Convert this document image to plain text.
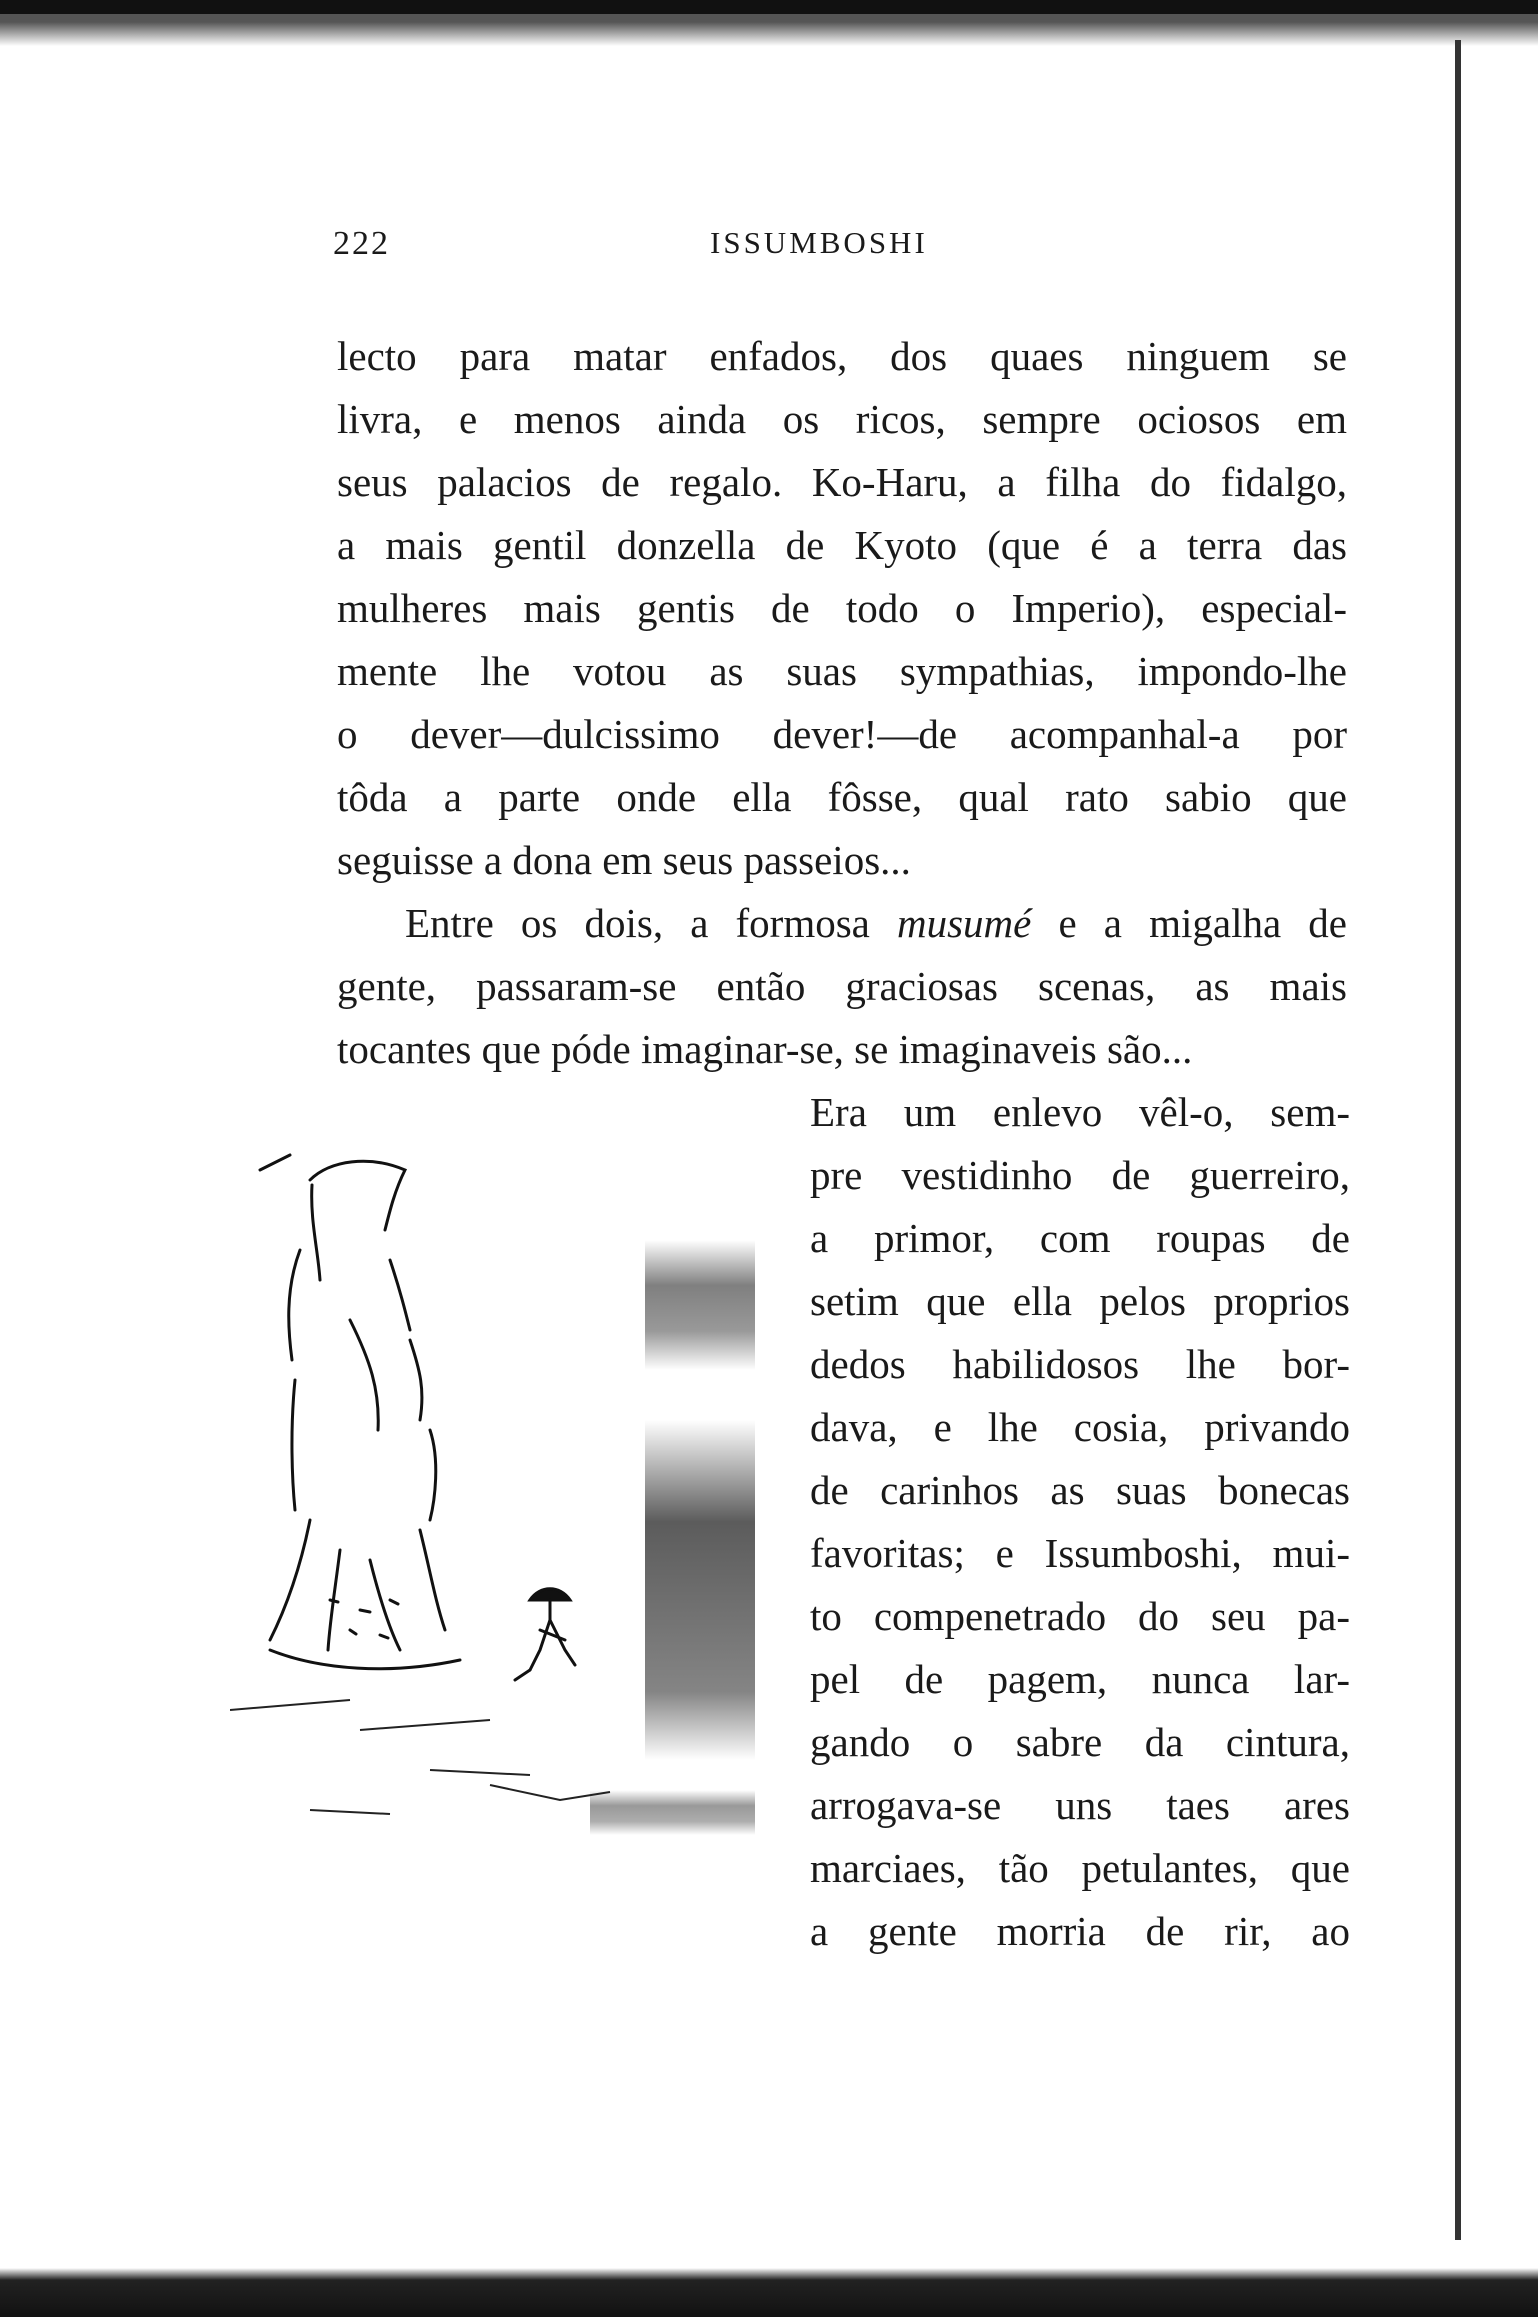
222	ISSUMBOSHI
lecto para matar enfados, dos quaes ninguem se
livra, e menos ainda os ricos, sempre ociosos em
seus palacios de regalo. Ko-Haru, a filha do fidalgo,
a mais gentil donzella de Kyoto (que é a terra das
mulheres mais gentis de todo o Imperio), especial-
mente lhe votou as suas sympathias, impondo-lhe
o dever—dulcissimo dever!—de acompanhal-a por
tôda a parte onde ella fôsse, qual rato sabio que
seguisse a dona em seus passeios...
Entre os dois, a formosa musumé e a migalha de
gente, passaram-se então graciosas scenas, as mais
tocantes que póde imaginar-se, se imaginaveis são...
Era um enlevo vêl-o, sem-
pre vestidinho de guerreiro,
a primor, com roupas de
setim que ella pelos proprios
dedos habilidosos lhe bor-
dava, e lhe cosia, privando
de carinhos as suas bonecas
favoritas; e Issumboshi, mui-
to compenetrado do seu pa-
pel de pagem, nunca lar-
gando o sabre da cintura,
arrogava-se uns taes ares
marciaes, tão petulantes, que
a gente morria de rir, ao
